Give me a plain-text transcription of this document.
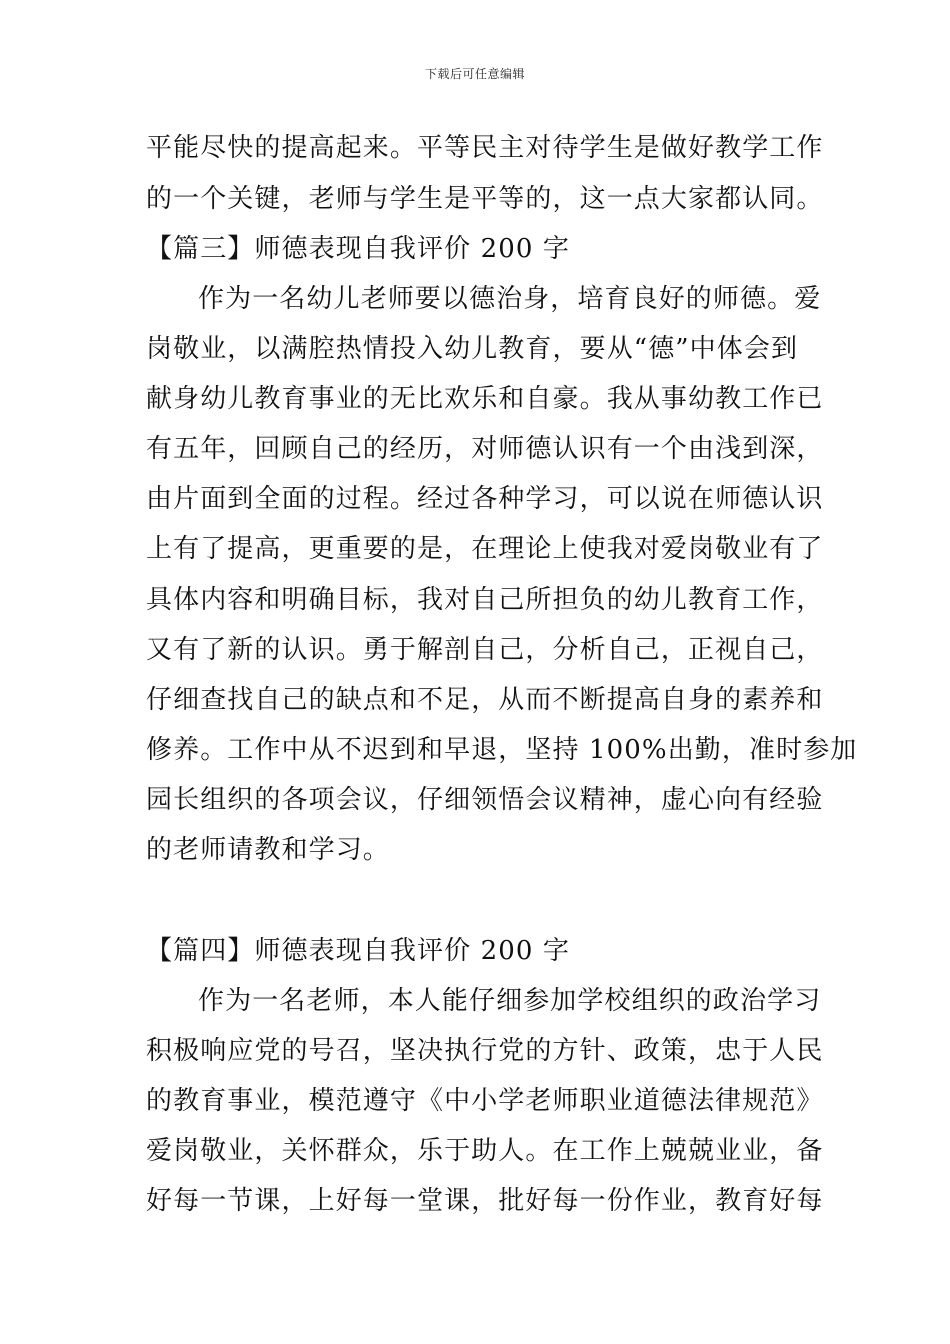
下载后可任意编辑
平能尽快的提高起来。平等民主对待学生是做好教学工作
的一个关键，老师与学生是平等的，这一点大家都认同。
【篇三】师德表现自我评价 200 字
作为一名幼儿老师要以德治身，培育良好的师德。爱
岗敬业，以满腔热情投入幼儿教育，要从“德”中体会到
献身幼儿教育事业的无比欢乐和自豪。我从事幼教工作已
有五年，回顾自己的经历，对师德认识有一个由浅到深，
由片面到全面的过程。经过各种学习，可以说在师德认识
上有了提高，更重要的是，在理论上使我对爱岗敬业有了
具体内容和明确目标，我对自己所担负的幼儿教育工作，
又有了新的认识。勇于解剖自己，分析自己，正视自己，
仔细查找自己的缺点和不足，从而不断提高自身的素养和
修养。工作中从不迟到和早退，坚持 100%出勤，准时参加
园长组织的各项会议，仔细领悟会议精神，虚心向有经验
的老师请教和学习。
【篇四】师德表现自我评价 200 字
作为一名老师，本人能仔细参加学校组织的政治学习
积极响应党的号召，坚决执行党的方针、政策，忠于人民
的教育事业，模范遵守《中小学老师职业道德法律规范》
爱岗敬业，关怀群众，乐于助人。在工作上兢兢业业，备
好每一节课，上好每一堂课，批好每一份作业，教育好每
